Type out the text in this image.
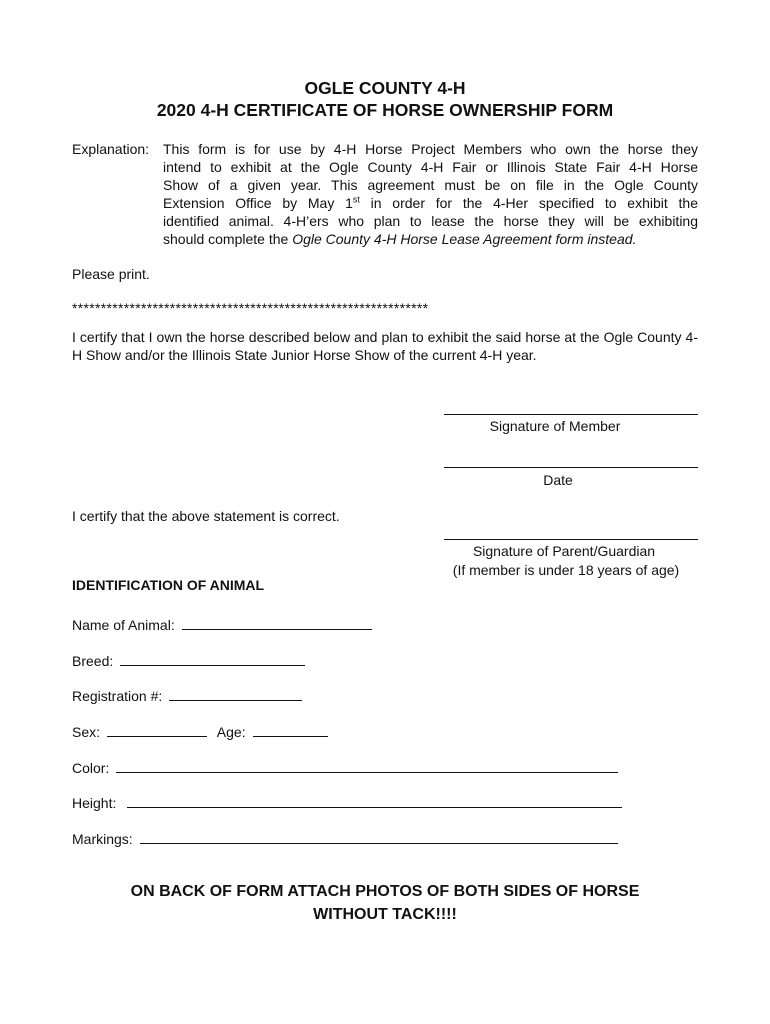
OGLE COUNTY 4-H
2020 4-H CERTIFICATE OF HORSE OWNERSHIP FORM
Explanation: This form is for use by 4-H Horse Project Members who own the horse they
intend to exhibit at the Ogle County 4-H Fair or Illinois State Fair 4-H Horse
Show of a given year. This agreement must be on file in the Ogle County
Extension Office by May 1st in order for the 4-Her specified to exhibit the
identified animal. 4-H’ers who plan to lease the horse they will be exhibiting
should complete the Ogle County 4-H Horse Lease Agreement form instead.
Please print.
**************************************************************
I certify that I own the horse described below and plan to exhibit the said horse at the Ogle County 4-H Show and/or the Illinois State Junior Horse Show of the current 4-H year.
Signature of Member
Date
I certify that the above statement is correct.
Signature of Parent/Guardian
(If member is under 18 years of age)
IDENTIFICATION OF ANIMAL
Name of Animal:
Breed:
Registration #:
Sex:	Age:
Color:
Height:
Markings:
ON BACK OF FORM ATTACH PHOTOS OF BOTH SIDES OF HORSE
WITHOUT TACK!!!!
